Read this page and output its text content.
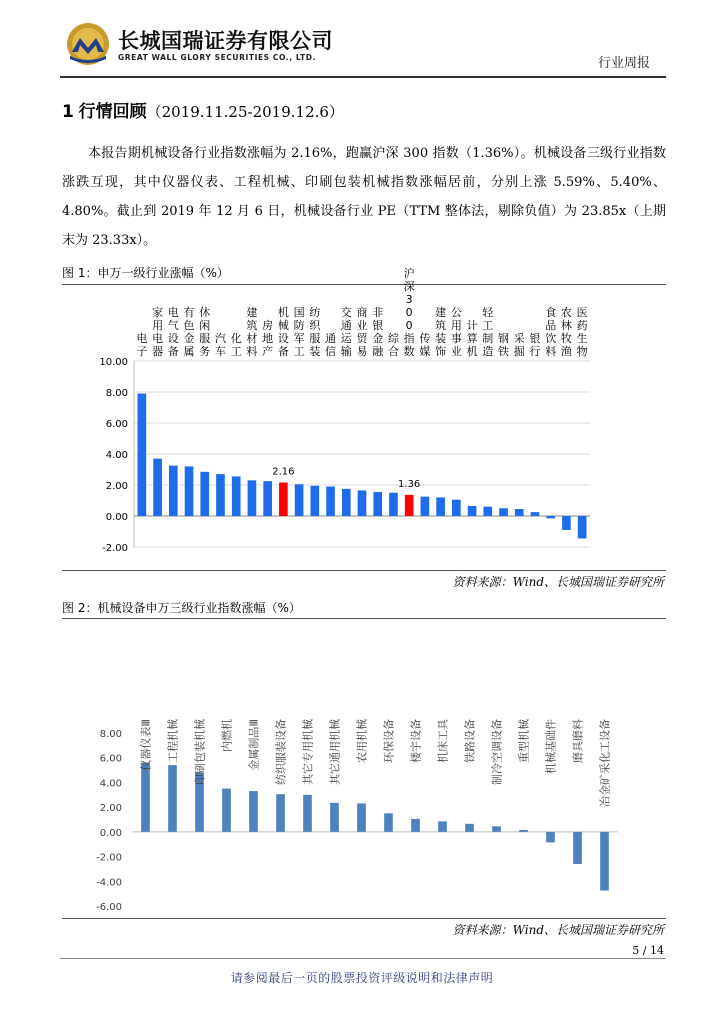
长城国瑞证券有限公司
GREAT WALL GLORY SECURITIES CO., LTD.	行业周报
1 行情回顾（2019.11.25-2019.12.6）

本报告期机械设备行业指数涨幅为 2.16%，跑赢沪深 300 指数（1.36%）。机械设备三级行业指数涨跌互现，其中仪器仪表、工程机械、印刷包装机械指数涨幅居前，分别上涨 5.59%、5.40%、4.80%。截止到 2019 年 12 月 6 日，机械设备行业 PE（TTM 整体法，剔除负值）为 23.85x（上期末为 23.33x）。

图 1：申万一级行业涨幅（%）
10.00
8.00
6.00
4.00
2.00
0.00
-2.00
电子
家用电器
电气设备
有色金属
休闲服务
汽车
化工
建筑材料
房地产
机械设备
国防军工
纺织服装
通信
交通运输
商业贸易
非银金融
综合
沪深 3 0 0 指数
传媒
建筑装饰
公用事业
计算机
轻工制造
钢铁
采掘
银行
食品饮料
农林牧渔
医药生物
2.16
1.36
资料来源：Wind、长城国瑞证券研究所
图 2：机械设备申万三级行业指数涨幅（%）
8.00
6.00
4.00
2.00
0.00
-2.00
-4.00
-6.00
仪器仪表Ⅲ 工程机械 印刷包装机械 内燃机 金属制品Ⅲ 纺织服装设备 其它专用机械 其它通用机械 农用机械 环保设备 楼宇设备 机床工具 铁路设备 制冷空调设备 重型机械 机械基础件 磨具磨料 冶金矿采化工设备
资料来源：Wind、长城国瑞证券研究所
5 / 14
请参阅最后一页的股票投资评级说明和法律声明
